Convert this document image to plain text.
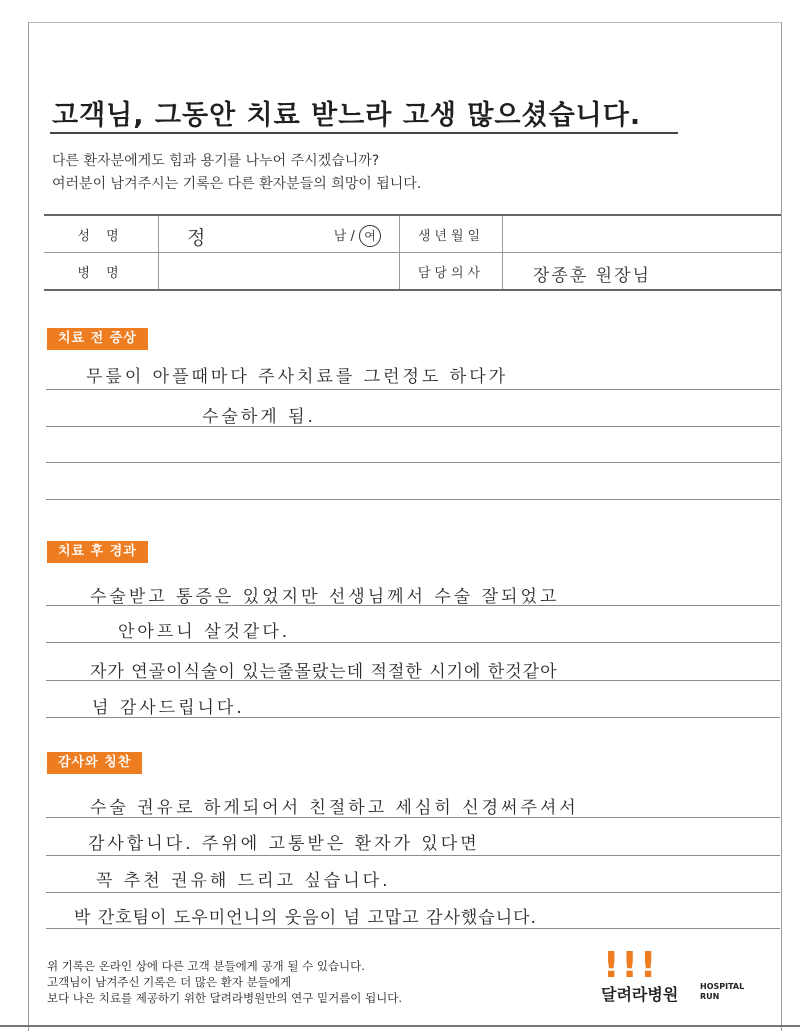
고객님, 그동안 치료 받느라 고생 많으셨습니다.
다른 환자분에게도 힘과 용기를 나누어 주시겠습니까?
여러분이 남겨주시는 기록은 다른 환자분들의 희망이 됩니다.
성 명	정 남 / 여	생년월일	
병 명		담당의사	장종훈 원장님
치료 전 증상
무릎이 아플때마다 주사치료를 그런정도 하다가
수술하게 됨.
치료 후 경과
수술받고 통증은 있었지만 선생님께서 수술 잘되었고
안아프니 살것같다.
자가 연골이식술이 있는줄몰랐는데 적절한 시기에 한것같아
넘 감사드립니다.
감사와 칭찬
수술 권유로 하게되어서 친절하고 세심히 신경써주셔서
감사합니다. 주위에 고통받은 환자가 있다면
꼭 추천 권유해 드리고 싶습니다.
박 간호팀이 도우미언니의 웃음이 넘 고맙고 감사했습니다.
위 기록은 온라인 상에 다른 고객 분들에게 공개 될 수 있습니다.
고객님이 남겨주신 기록은 더 많은 환자 분들에게
보다 나은 치료를 제공하기 위한 달려라병원만의 연구 밑거름이 됩니다.
!!!
달려라병원	HOSPITAL
RUN
